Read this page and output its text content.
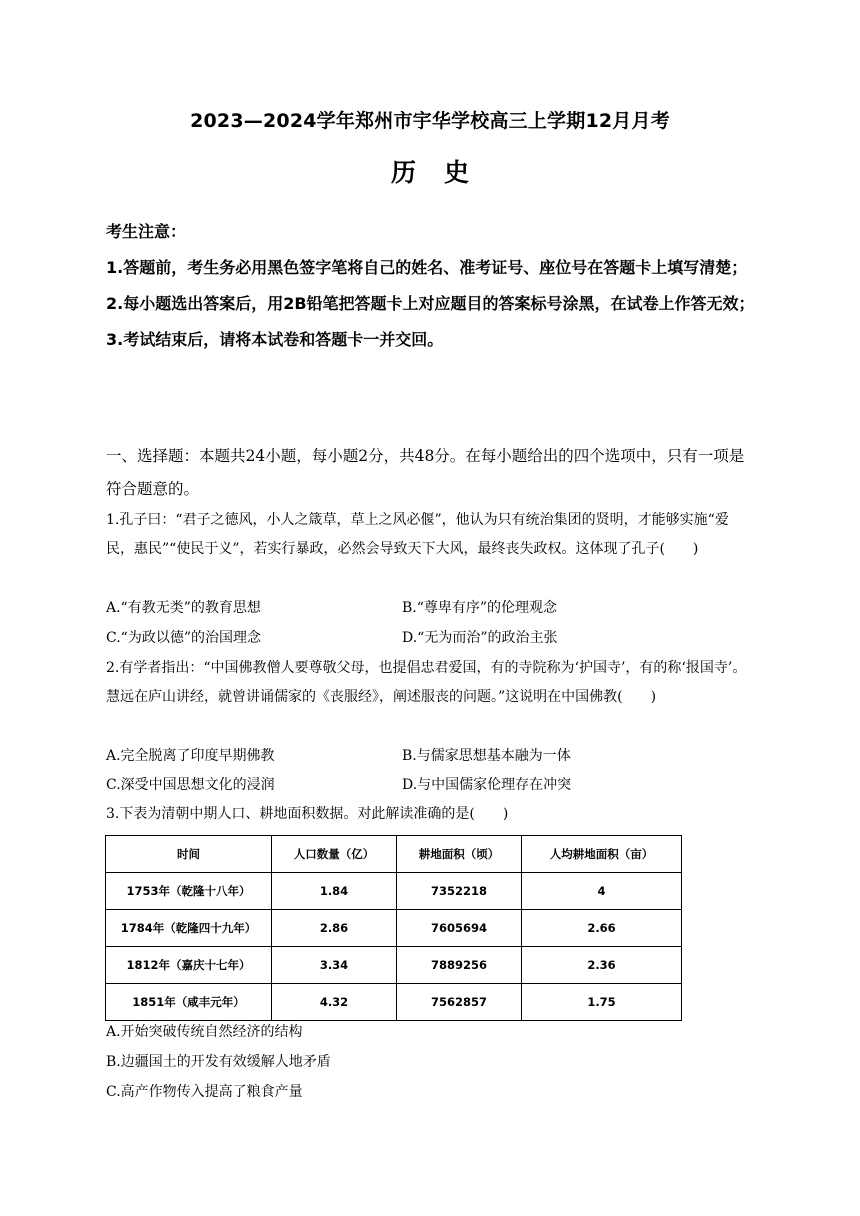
2023—2024学年郑州市宇华学校高三上学期12月月考
历史
考生注意：
1.答题前，考生务必用黑色签字笔将自己的姓名、准考证号、座位号在答题卡上填写清楚；
2.每小题选出答案后，用2B铅笔把答题卡上对应题目的答案标号涂黑，在试卷上作答无效；
3.考试结束后，请将本试卷和答题卡一并交回。
一、选择题：本题共24小题，每小题2分，共48分。在每小题给出的四个选项中，只有一项是符合题意的。
1.孔子曰：“君子之德风，小人之箴草，草上之风必偃”，他认为只有统治集团的贤明，才能够实施“爱民，惠民”“使民于义”，若实行暴政，必然会导致天下大风，最终丧失政权。这体现了孔子(　　)
A.“有教无类”的教育思想	B.“尊卑有序”的伦理观念
C.“为政以德”的治国理念	D.“无为而治”的政治主张
2.有学者指出：“中国佛教僧人要尊敬父母，也提倡忠君爱国，有的寺院称为‘护国寺’，有的称‘报国寺’。慧远在庐山讲经，就曾讲诵儒家的《丧服经》，阐述服丧的问题。”这说明在中国佛教(　　)
A.完全脱离了印度早期佛教	B.与儒家思想基本融为一体
C.深受中国思想文化的浸润	D.与中国儒家伦理存在冲突
3.下表为清朝中期人口、耕地面积数据。对此解读准确的是(　　)
时间	人口数量（亿）	耕地面积（顷）	人均耕地面积（亩）
1753年（乾隆十八年）	1.84	7352218	4
1784年（乾隆四十九年）	2.86	7605694	2.66
1812年（嘉庆十七年）	3.34	7889256	2.36
1851年（咸丰元年）	4.32	7562857	1.75
A.开始突破传统自然经济的结构
B.边疆国土的开发有效缓解人地矛盾
C.高产作物传入提高了粮食产量
